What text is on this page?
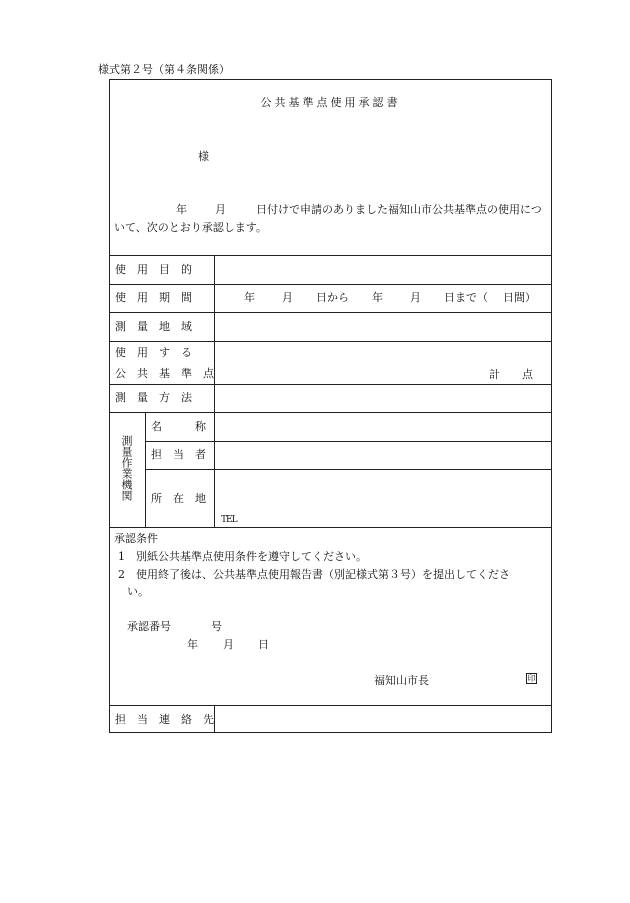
様式第２号（第４条関係）
公共基準点使用承認書
様
年	月	日付けで申請のありました福知山市公共基準点の使用につ
いて、次のとおり承認します。
使　用　目　的
使　用　期　間	年 月 日から 年 月 日まで（ 日間）
測　量　地　域
使　用　す　る
公　共　基　準　点	計　　点
測　量　方　法
測量作業機関
名　　　称
担　当　者
所　在　地
TEL
承認条件
1　別紙公共基準点使用条件を遵守してください。
2　使用終了後は、公共基準点使用報告書（別記様式第３号）を提出してくださ
い。
承認番号	号
年 月 日
福知山市長	印
担　当　連　絡　先
